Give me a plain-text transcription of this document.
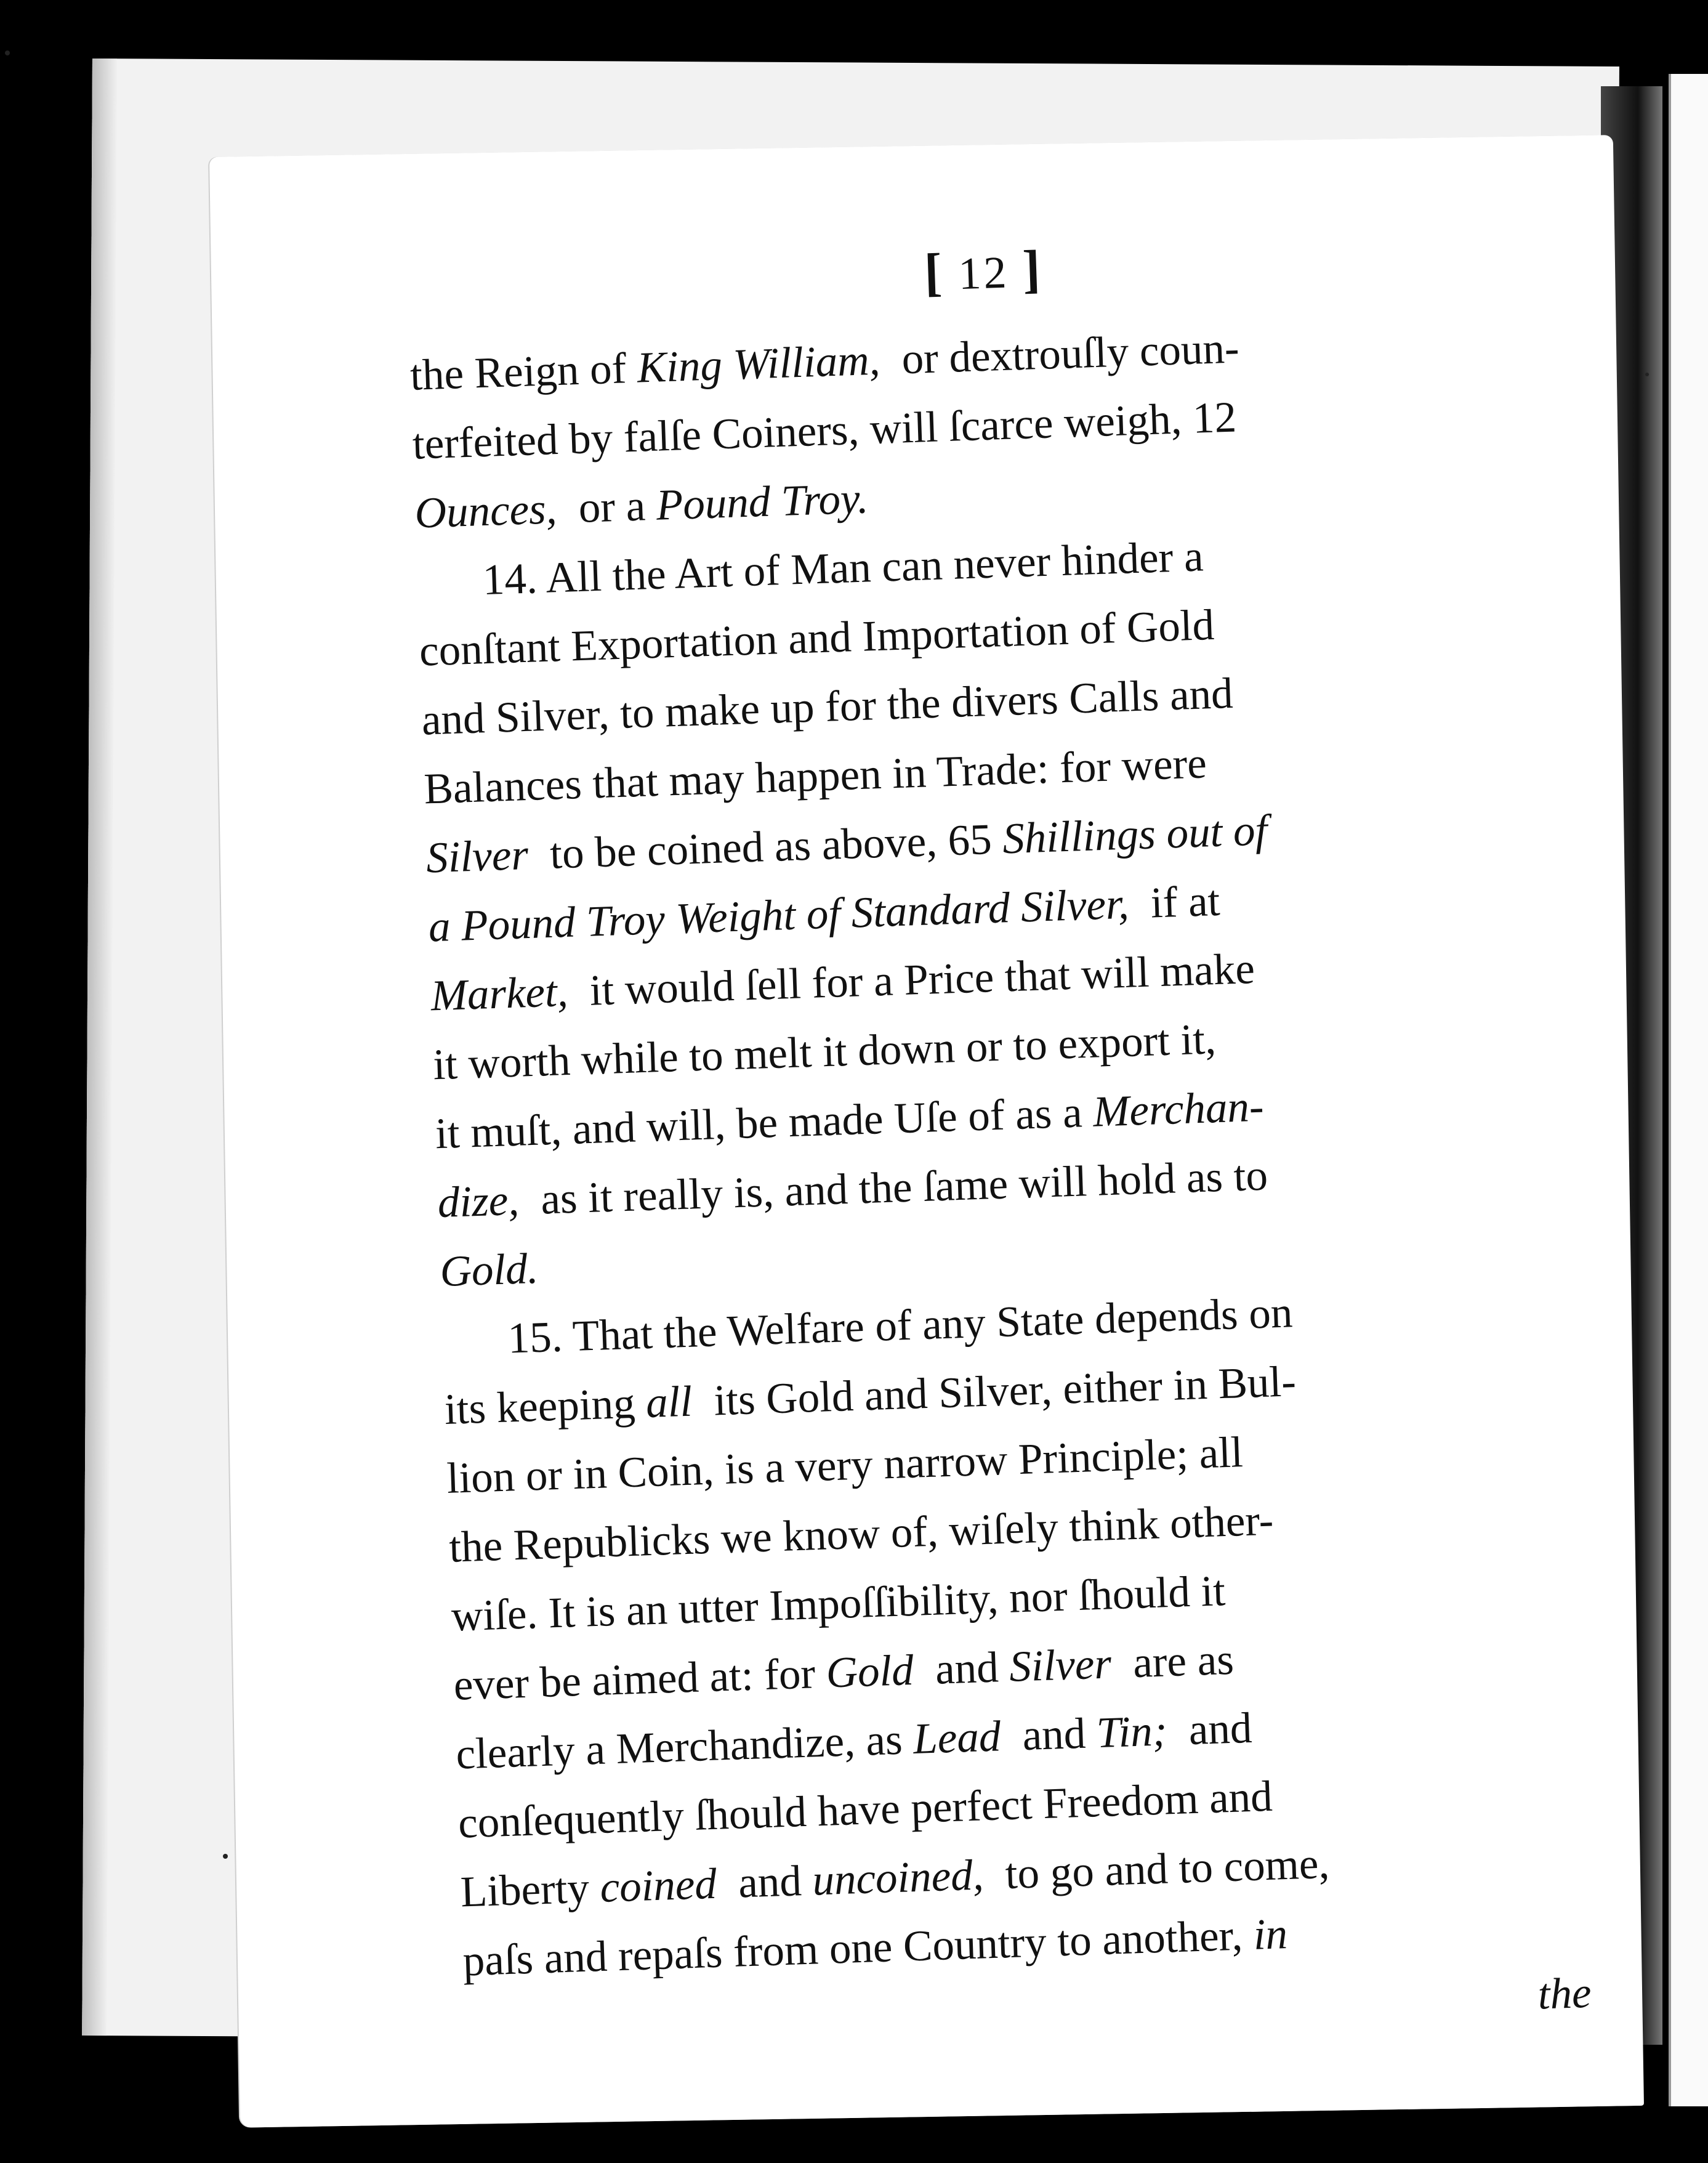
[ 12 ]
the Reign of King William,  or dextrouſly coun-
terfeited by falſe Coiners, will ſcarce weigh, 12
Ounces,  or a Pound Troy.
14. All the Art of Man can never hinder a
conſtant Exportation and Importation of Gold
and Silver, to make up for the divers Calls and
Balances that may happen in Trade: for were
Silver  to be coined as above, 65 Shillings out of
a Pound Troy Weight of Standard Silver,  if at
Market,  it would ſell for a Price that will make
it worth while to melt it down or to export it,
it muſt, and will, be made Uſe of as a Merchan-
dize,  as it really is, and the ſame will hold as to
Gold.
15. That the Welfare of any State depends on
its keeping all  its Gold and Silver, either in Bul-
lion or in Coin, is a very narrow Principle; all
the Republicks we know of, wiſely think other-
wiſe. It is an utter Impoſſibility, nor ſhould it
ever be aimed at: for Gold  and Silver  are as
clearly a Merchandize, as Lead  and Tin;  and
conſequently ſhould have perfect Freedom and
Liberty coined  and uncoined,  to go and to come,
paſs and repaſs from one Country to another, in
the
